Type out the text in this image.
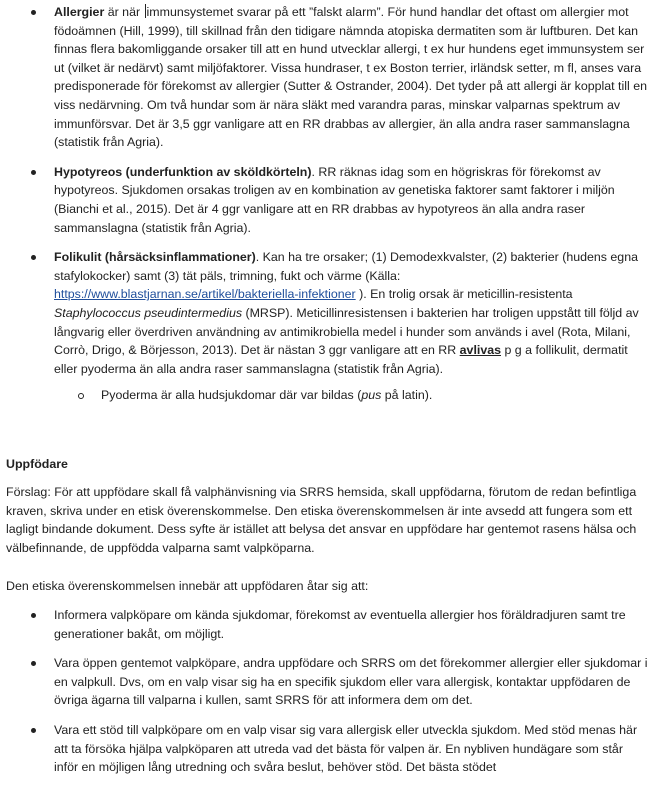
Allergier är när immunsystemet svarar på ett ”falskt alarm”. För hund handlar det oftast om allergier mot födoämnen (Hill, 1999), till skillnad från den tidigare nämnda atopiska dermatiten som är luftburen. Det kan finnas flera bakomliggande orsaker till att en hund utvecklar allergi, t ex hur hundens eget immunsystem ser ut (vilket är nedärvt) samt miljöfaktorer. Vissa hundraser, t ex Boston terrier, irländsk setter, m fl, anses vara predisponerade för förekomst av allergier (Sutter & Ostrander, 2004). Det tyder på att allergi är kopplat till en viss nedärvning. Om två hundar som är nära släkt med varandra paras, minskar valparnas spektrum av immunförsvar. Det är 3,5 ggr vanligare att en RR drabbas av allergier, än alla andra raser sammanslagna (statistik från Agria).
Hypotyreos (underfunktion av sköldkörteln). RR räknas idag som en högriskras för förekomst av hypotyreos. Sjukdomen orsakas troligen av en kombination av genetiska faktorer samt faktorer i miljön (Bianchi et al., 2015). Det är 4 ggr vanligare att en RR drabbas av hypotyreos än alla andra raser sammanslagna (statistik från Agria).
Folikulit (hårsäcksinflammationer). Kan ha tre orsaker; (1) Demodexkvalster, (2) bakterier (hudens egna stafylokocker) samt (3) tät päls, trimning, fukt och värme (Källa: https://www.blastjarnan.se/artikel/bakteriella-infektioner ). En trolig orsak är meticillin-resistenta Staphylococcus pseudintermedius (MRSP). Meticillinresistensen i bakterien har troligen uppstått till följd av långvarig eller överdriven användning av antimikrobiella medel i hunder som används i avel (Rota, Milani, Corrò, Drigo, & Börjesson, 2013). Det är nästan 3 ggr vanligare att en RR avlivas p g a follikulit, dermatit eller pyoderma än alla andra raser sammanslagna (statistik från Agria).
Pyoderma är alla hudsjukdomar där var bildas (pus på latin).

Uppfödare

Förslag: För att uppfödare skall få valphänvisning via SRRS hemsida, skall uppfödarna, förutom de redan befintliga kraven, skriva under en etisk överenskommelse. Den etiska överenskommelsen är inte avsedd att fungera som ett lagligt bindande dokument. Dess syfte är istället att belysa det ansvar en uppfödare har gentemot rasens hälsa och välbefinnande, de uppfödda valparna samt valpköparna.

Den etiska överenskommelsen innebär att uppfödaren åtar sig att:

Informera valpköpare om kända sjukdomar, förekomst av eventuella allergier hos föräldradjuren samt tre generationer bakåt, om möjligt.
Vara öppen gentemot valpköpare, andra uppfödare och SRRS om det förekommer allergier eller sjukdomar i en valpkull. Dvs, om en valp visar sig ha en specifik sjukdom eller vara allergisk, kontaktar uppfödaren de övriga ägarna till valparna i kullen, samt SRRS för att informera dem om det.
Vara ett stöd till valpköpare om en valp visar sig vara allergisk eller utveckla sjukdom. Med stöd menas här att ta försöka hjälpa valpköparen att utreda vad det bästa för valpen är. En nybliven hundägare som står inför en möjligen lång utredning och svåra beslut, behöver stöd. Det bästa stödet
